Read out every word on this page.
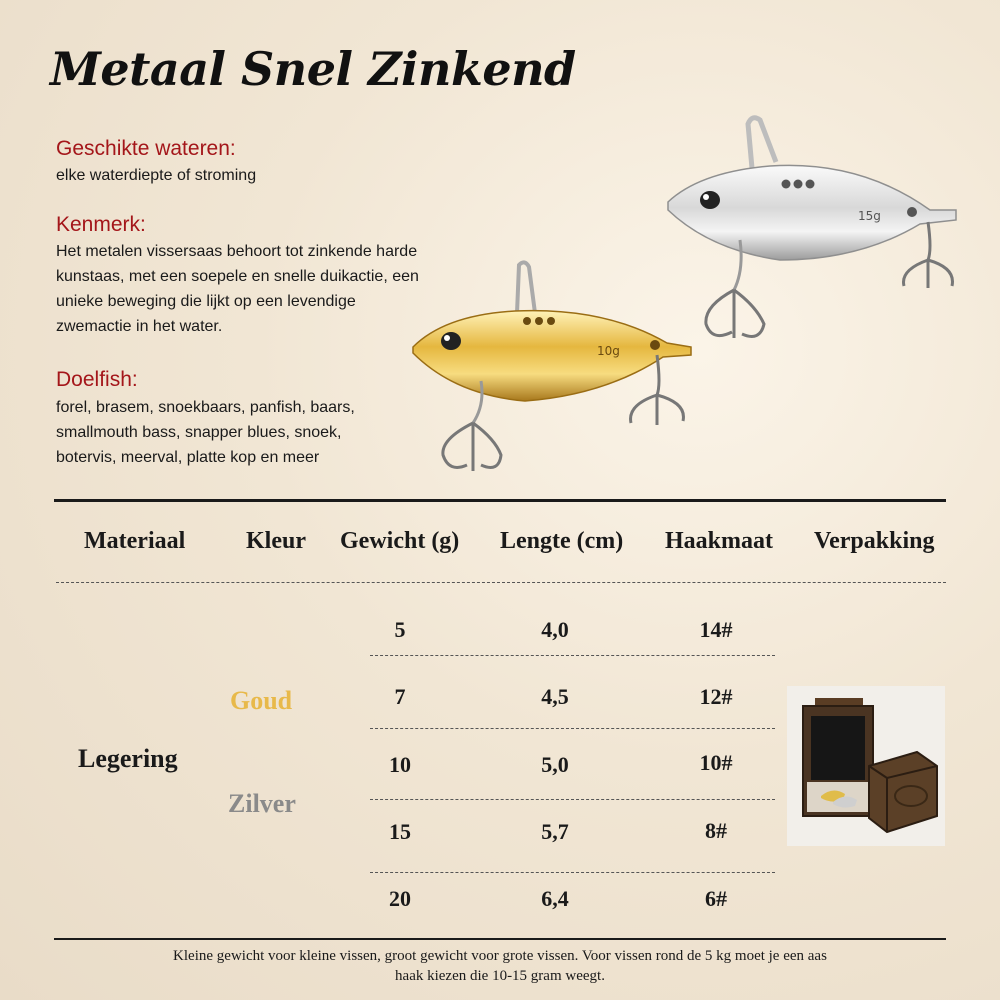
Metaal Snel Zinkend
Geschikte wateren:
elke waterdiepte of stroming
Kenmerk:
Het metalen vissersaas behoort tot zinkende harde
kunstaas, met een soepele en snelle duikactie, een
unieke beweging die lijkt op een levendige
zwemactie in het water.
Doelfish:
forel, brasem, snoekbaars, panfish, baars,
smallmouth bass, snapper blues, snoek,
botervis, meerval, platte kop en meer
15g
10g
Materiaal	Kleur Gewicht (g) Lengte (cm) Haakmaat Verpakking
Legering
Goud
Zilver
5	4,0	14#
7	4,5	12#
10	5,0	10#
15	5,7	8#
20	6,4	6#
Kleine gewicht voor kleine vissen, groot gewicht voor grote vissen. Voor vissen rond de 5 kg moet je een aas
haak kiezen die 10-15 gram weegt.
